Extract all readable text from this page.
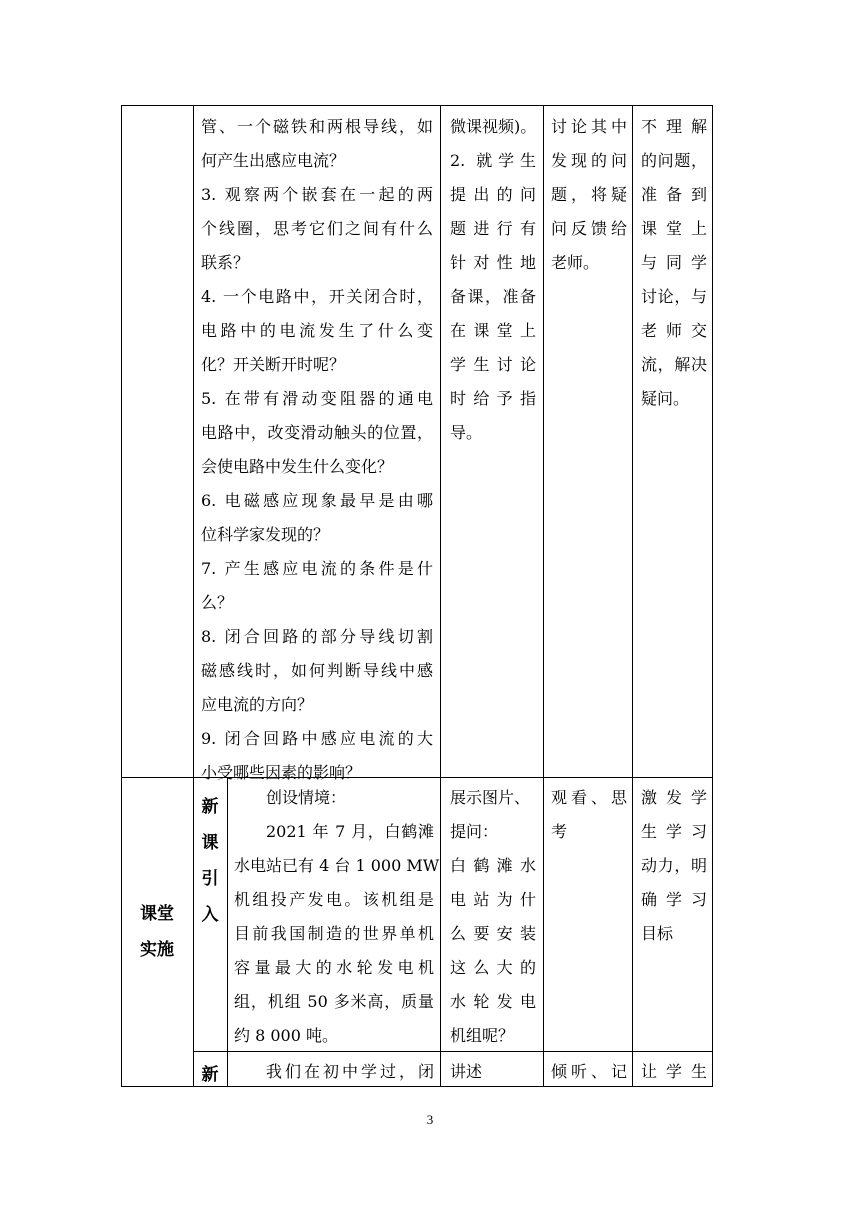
管、一个磁铁和两根导线，如

何产生出感应电流？

3. 观察两个嵌套在一起的两

个线圈，思考它们之间有什么

联系？

4. 一个电路中，开关闭合时，

电路中的电流发生了什么变

化？开关断开时呢？

5. 在带有滑动变阻器的通电

电路中，改变滑动触头的位置，

会使电路中发生什么变化？

6. 电磁感应现象最早是由哪

位科学家发现的？

7. 产生感应电流的条件是什

么？

8. 闭合回路的部分导线切割

磁感线时，如何判断导线中感

应电流的方向？

9. 闭合回路中感应电流的大

小受哪些因素的影响？

微课视频)。

2. 就学生

提出的问

题进行有

针对性地

备课，准备

在课堂上

学生讨论

时给予指

导。

讨论其中

发现的问

题，将疑

问反馈给

老师。

不理解

的问题，

准备到

课堂上

与同学

讨论，与

老师交

流，解决

疑问。

课堂
实施
新
课
引
入

创设情境：

2021 年 7 月，白鹤滩

水电站已有 4 台 1 000 MW

机组投产发电。该机组是

目前我国制造的世界单机

容量最大的水轮发电机

组，机组 50 多米高，质量

约 8 000 吨。

展示图片、

提问：

白鹤滩水

电站为什

么要安装

这么大的

水轮发电

机组呢？

观看、思

考

激发学

生学习

动力，明

确学习

目标

新	我们在初中学过，闭 讲述	倾听、记 让学生

3
